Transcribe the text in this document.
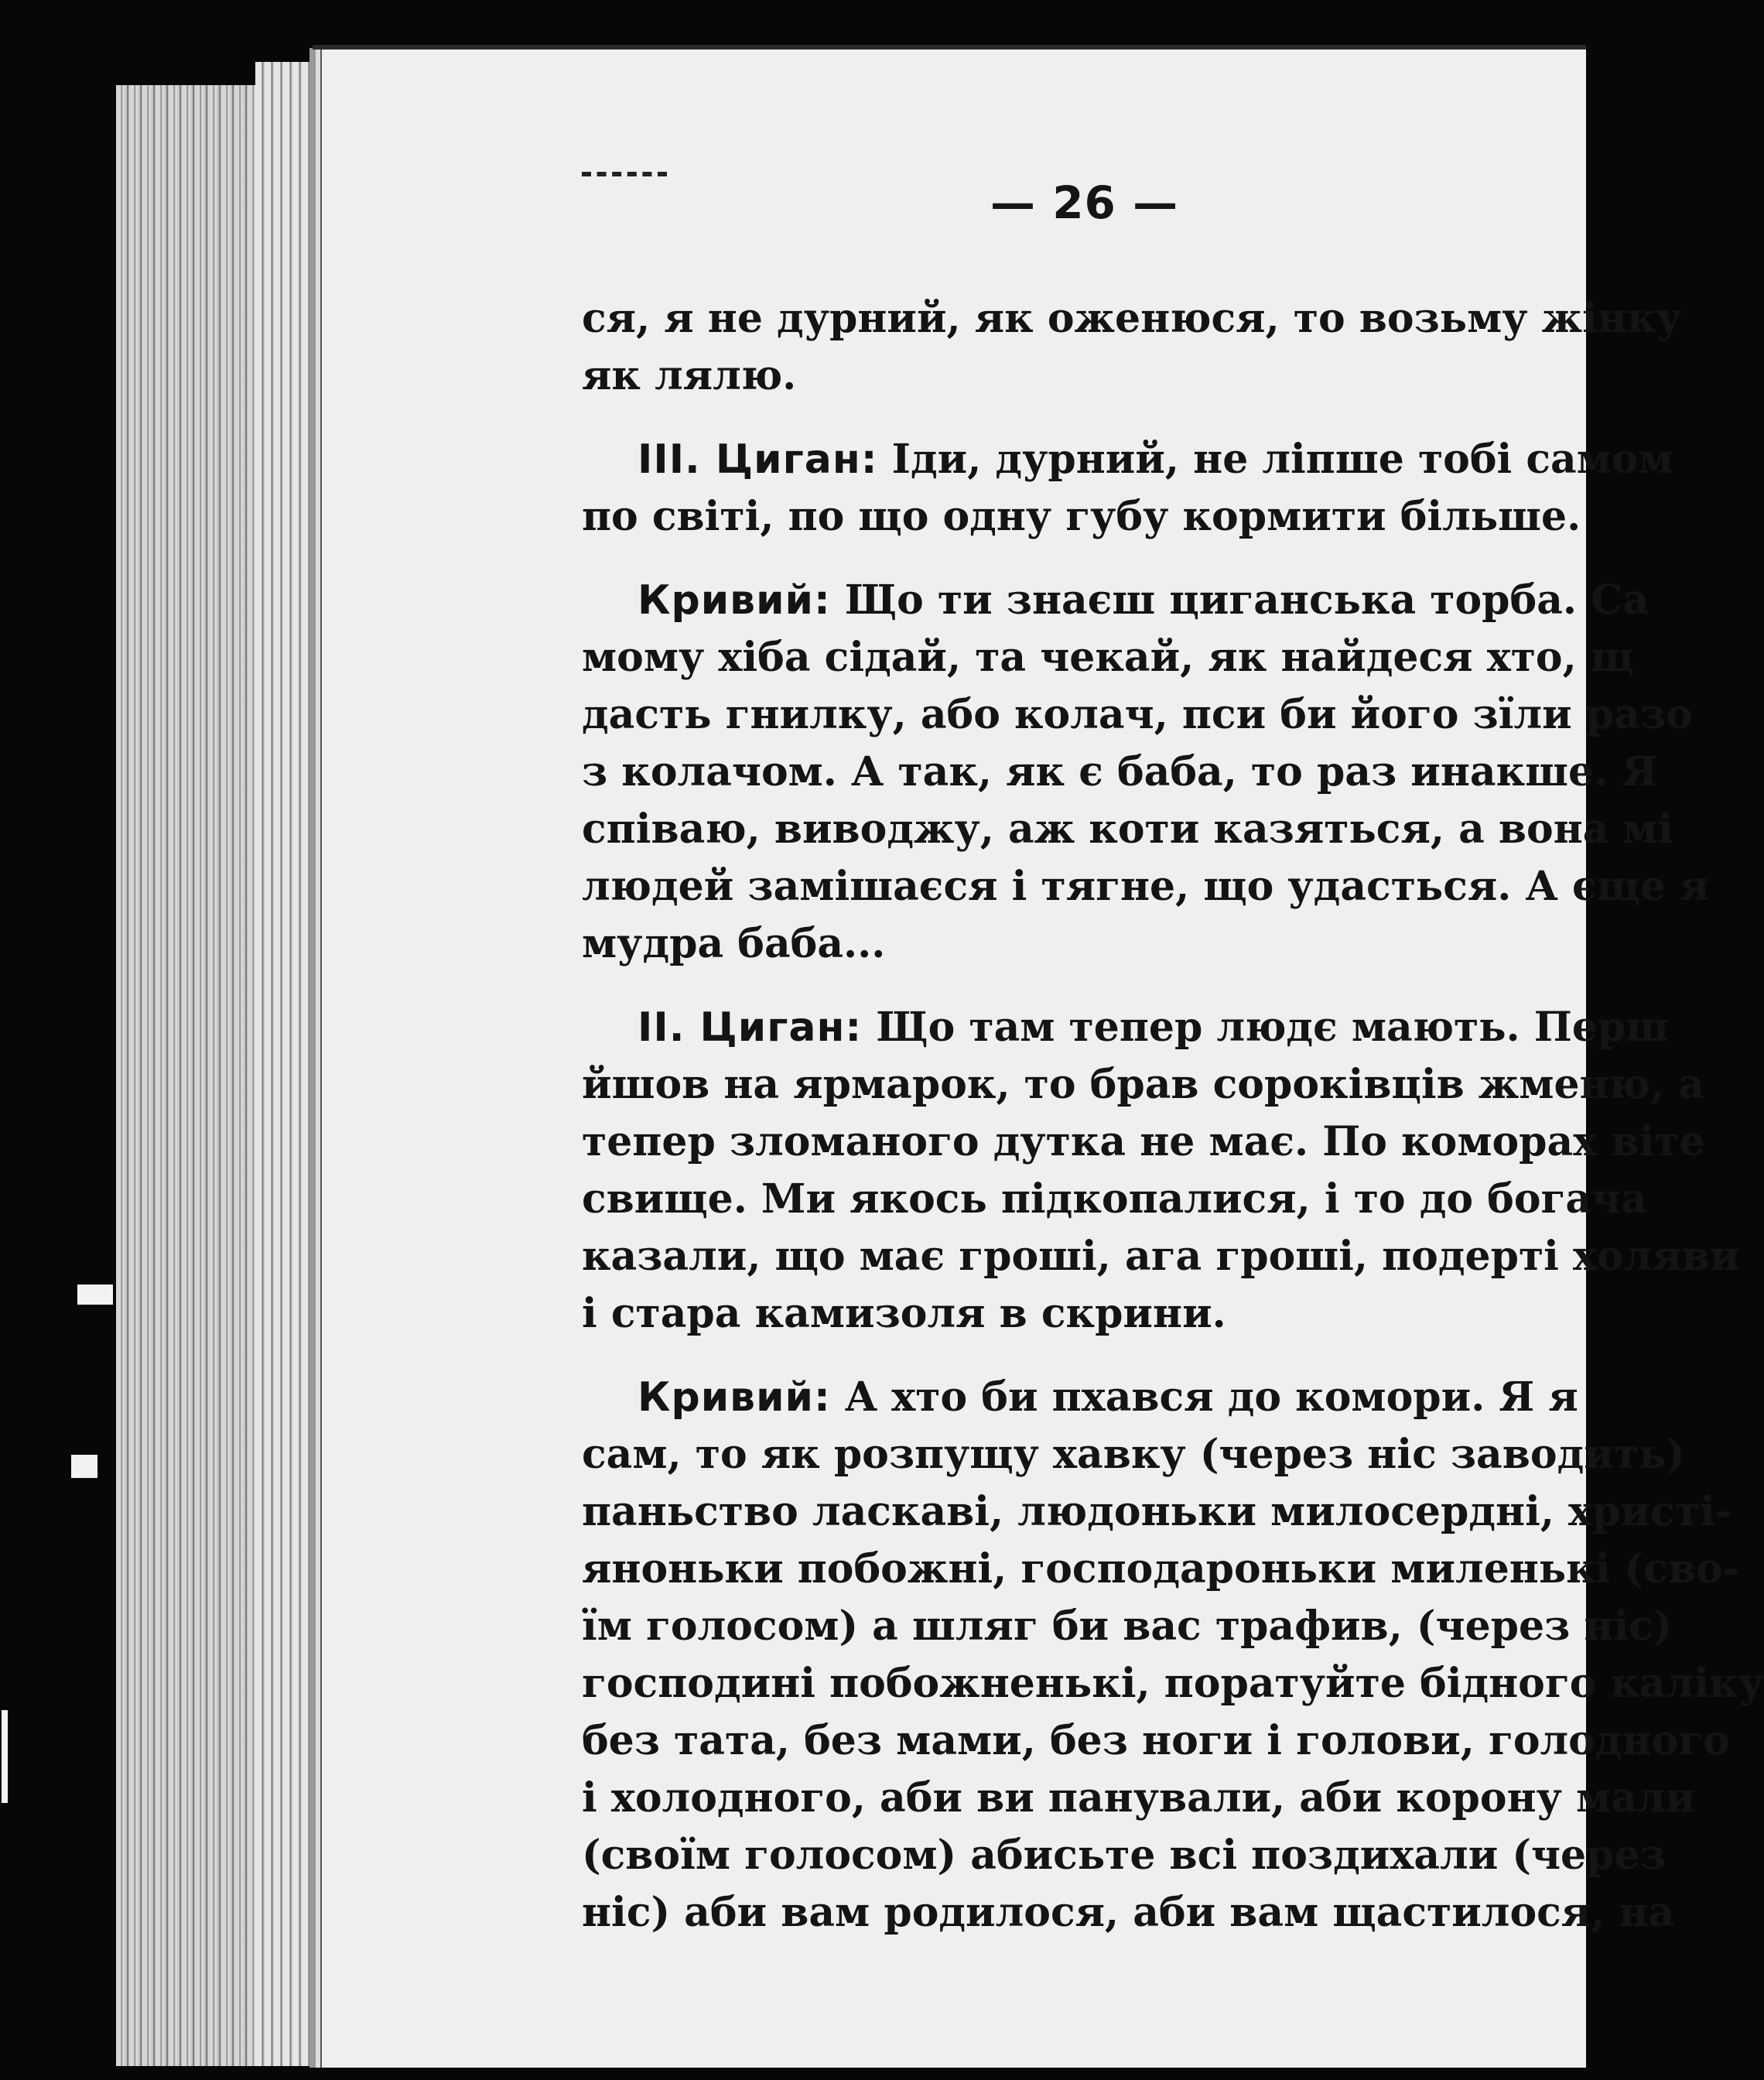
— 26 —
ся, я не дурний, як оженюся, то возьму жінку
як лялю.
III. Циган: Іди, дурний, не лiпше тобі самом
по світі, по що одну губу кормити більше.
Кривий: Що ти знаєш циганська торба. Са
мому хіба сідай, та чекай, як найдеся хто, щ
дасть гнилку, або колач, пси би його зїли разо
з колачом. А так, як є баба, то раз инакше. Я
співаю, виводжу, аж коти казяться, а вона мі
людей замішаєся і тягне, що удасться. А єще я
мудра баба...
II. Циган: Що там тепер людє мають. Перш
йшов на ярмарок, то брав сороківців жменю, а
тепер зломаного дутка не має. По коморах віте
свище. Ми якось підкопалися, і то до богача
казали, що має гроші, ага гроші, подерті холяви
і стара камизоля в скрини.
Кривий: А хто би пхався до комори. Я я
сам, то як розпущу хавку (через ніс заводить)
паньство ласкаві, людоньки милосердні, христі-
яноньки побожні, господароньки миленькі (сво-
їм голосом) а шляг би вас трафив, (через ніс)
господині побожненькі, поратуйте бідного каліку
без тата, без мами, без ноги і голови, голодного
і холодного, аби ви панували, аби корону мали
(своїм голосом) абисьте всі поздихали (через
ніс) аби вам родилося, аби вам щастилося, на
